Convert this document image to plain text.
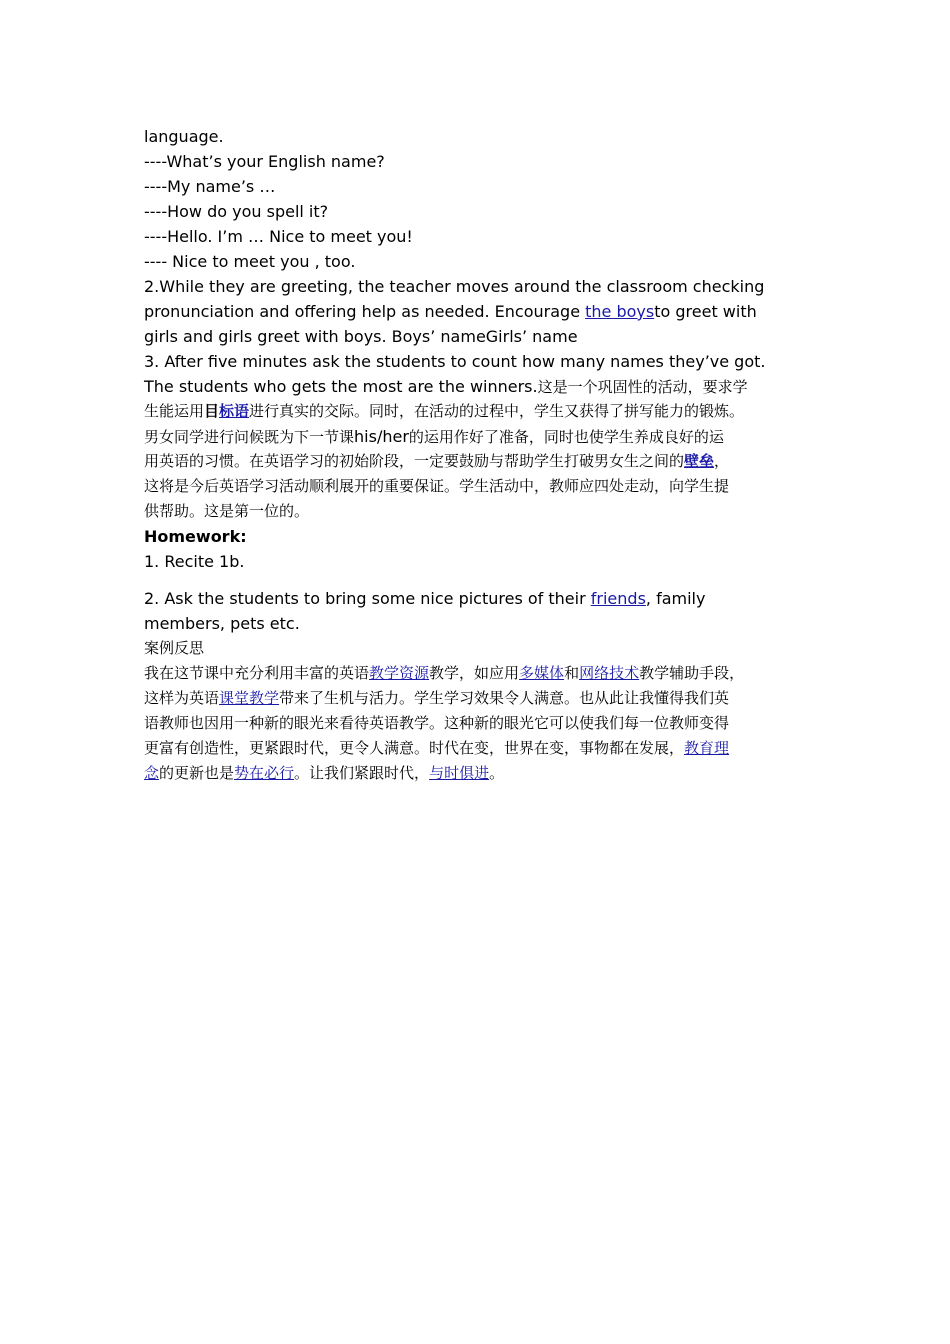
language.
----What’s your English name?
----My name’s …
----How do you spell it?
----Hello. I’m … Nice to meet you!
---- Nice to meet you , too.
2.While they are greeting, the teacher moves around the classroom checking
pronunciation and offering help as needed. Encourage the boysto greet with
girls and girls greet with boys. Boys’ nameGirls’ name
3. After five minutes ask the students to count how many names they’ve got.
The students who gets the most are the winners.这是一个巩固性的活动，要求学
生能运用目标语进行真实的交际。同时，在活动的过程中，学生又获得了拼写能力的锻炼。
男女同学进行问候既为下一节课his/her的运用作好了准备，同时也使学生养成良好的运
用英语的习惯。在英语学习的初始阶段，一定要鼓励与帮助学生打破男女生之间的壁垒，
这将是今后英语学习活动顺利展开的重要保证。学生活动中，教师应四处走动，向学生提
供帮助。这是第一位的。
Homework:
1. Recite 1b.
2. Ask the students to bring some nice pictures of their friends, family
members, pets etc.
案例反思
我在这节课中充分利用丰富的英语教学资源教学，如应用多媒体和网络技术教学辅助手段，
这样为英语课堂教学带来了生机与活力。学生学习效果令人满意。也从此让我懂得我们英
语教师也因用一种新的眼光来看待英语教学。这种新的眼光它可以使我们每一位教师变得
更富有创造性，更紧跟时代，更令人满意。时代在变，世界在变，事物都在发展，教育理
念的更新也是势在必行。让我们紧跟时代，与时俱进。
